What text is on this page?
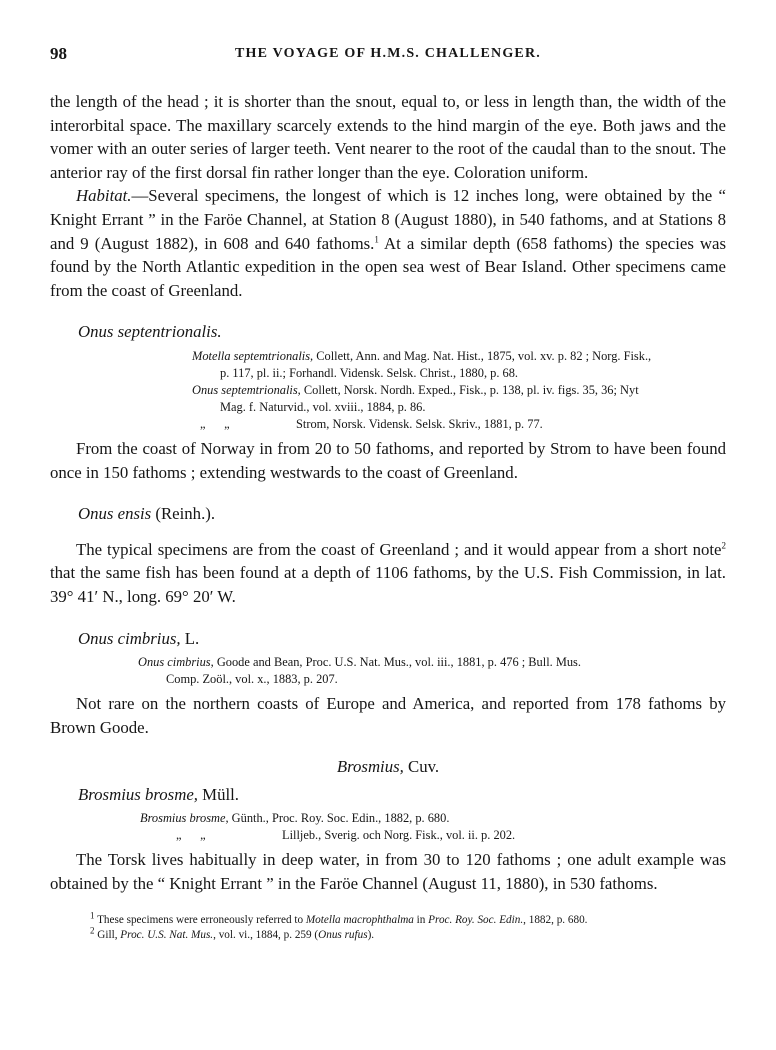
98	THE VOYAGE OF H.M.S. CHALLENGER.

the length of the head ; it is shorter than the snout, equal to, or less in length than, the width of the interorbital space. The maxillary scarcely extends to the hind margin of the eye. Both jaws and the vomer with an outer series of larger teeth. Vent nearer to the root of the caudal than to the snout. The anterior ray of the first dorsal fin rather longer than the eye. Coloration uniform.

Habitat.—Several specimens, the longest of which is 12 inches long, were obtained by the “ Knight Errant ” in the Faröe Channel, at Station 8 (August 1880), in 540 fathoms, and at Stations 8 and 9 (August 1882), in 608 and 640 fathoms.$^1$ At a similar depth (658 fathoms) the species was found by the North Atlantic expedition in the open sea west of Bear Island. Other specimens came from the coast of Greenland.

Onus septentrionalis.
Motella septemtrionalis, Collett, Ann. and Mag. Nat. Hist., 1875, vol. xv. p. 82 ; Norg. Fisk.,
p. 117, pl. ii.; Forhandl. Vidensk. Selsk. Christ., 1880, p. 68.
Onus septemtrionalis, Collett, Norsk. Nordh. Exped., Fisk., p. 138, pl. iv. figs. 35, 36; Nyt
Mag. f. Naturvid., vol. xviii., 1884, p. 86.
„      „	Strom, Norsk. Vidensk. Selsk. Skriv., 1881, p. 77.

From the coast of Norway in from 20 to 50 fathoms, and reported by Strom to have been found once in 150 fathoms ; extending westwards to the coast of Greenland.

Onus ensis (Reinh.).

The typical specimens are from the coast of Greenland ; and it would appear from a short note$^2$ that the same fish has been found at a depth of 1106 fathoms, by the U.S. Fish Commission, in lat. 39° 41′ N., long. 69° 20′ W.

Onus cimbrius, L.
Onus cimbrius, Goode and Bean, Proc. U.S. Nat. Mus., vol. iii., 1881, p. 476 ; Bull. Mus.
Comp. Zoöl., vol. x., 1883, p. 207.

Not rare on the northern coasts of Europe and America, and reported from 178 fathoms by Brown Goode.

Brosmius, Cuv.
Brosmius brosme, Müll.
Brosmius brosme, Günth., Proc. Roy. Soc. Edin., 1882, p. 680.
„      „	Lilljeb., Sverig. och Norg. Fisk., vol. ii. p. 202.

The Torsk lives habitually in deep water, in from 30 to 120 fathoms ; one adult example was obtained by the “ Knight Errant ” in the Faröe Channel (August 11, 1880), in 530 fathoms.

$^1$ These specimens were erroneously referred to Motella macrophthalma in Proc. Roy. Soc. Edin., 1882, p. 680.
$^2$ Gill, Proc. U.S. Nat. Mus., vol. vi., 1884, p. 259 (Onus rufus).
